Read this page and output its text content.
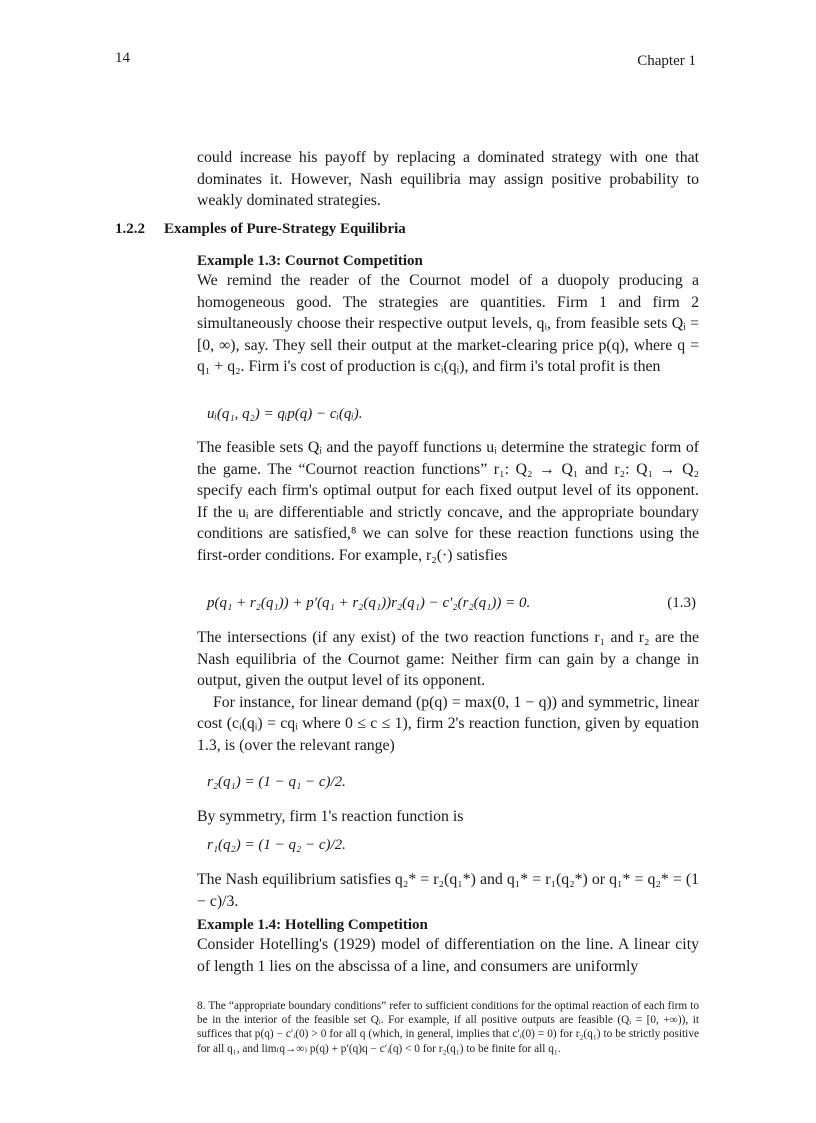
14	Chapter 1

could increase his payoff by replacing a dominated strategy with one that dominates it. However, Nash equilibria may assign positive probability to weakly dominated strategies.

1.2.2 Examples of Pure-Strategy Equilibria

Example 1.3: Cournot Competition

We remind the reader of the Cournot model of a duopoly producing a homogeneous good. The strategies are quantities. Firm 1 and firm 2 simultaneously choose their respective output levels, qᵢ, from feasible sets Qᵢ = [0, ∞), say. They sell their output at the market-clearing price p(q), where q = q₁ + q₂. Firm i's cost of production is cᵢ(qᵢ), and firm i's total profit is then

uᵢ(q₁, q₂) = qᵢp(q) − cᵢ(qᵢ).

The feasible sets Qᵢ and the payoff functions uᵢ determine the strategic form of the game. The “Cournot reaction functions” r₁: Q₂ → Q₁ and r₂: Q₁ → Q₂ specify each firm's optimal output for each fixed output level of its opponent. If the uᵢ are differentiable and strictly concave, and the appropriate boundary conditions are satisfied,⁸ we can solve for these reaction functions using the first-order conditions. For example, r₂(·) satisfies

p(q₁ + r₂(q₁)) + p′(q₁ + r₂(q₁))r₂(q₁) − c′₂(r₂(q₁)) = 0.	(1.3)

The intersections (if any exist) of the two reaction functions r₁ and r₂ are the Nash equilibria of the Cournot game: Neither firm can gain by a change in output, given the output level of its opponent.

For instance, for linear demand (p(q) = max(0, 1 − q)) and symmetric, linear cost (cᵢ(qᵢ) = cqᵢ where 0 ≤ c ≤ 1), firm 2's reaction function, given by equation 1.3, is (over the relevant range)

r₂(q₁) = (1 − q₁ − c)/2.

By symmetry, firm 1's reaction function is

r₁(q₂) = (1 − q₂ − c)/2.

The Nash equilibrium satisfies q₂* = r₂(q₁*) and q₁* = r₁(q₂*) or q₁* = q₂* = (1 − c)/3.

Example 1.4: Hotelling Competition

Consider Hotelling's (1929) model of differentiation on the line. A linear city of length 1 lies on the abscissa of a line, and consumers are uniformly

8. The “appropriate boundary conditions” refer to sufficient conditions for the optimal reaction of each firm to be in the interior of the feasible set Qᵢ. For example, if all positive outputs are feasible (Qᵢ = [0, +∞)), it suffices that p(q) − c′ᵢ(0) > 0 for all q (which, in general, implies that c′ᵢ(0) = 0) for r₂(q₁) to be strictly positive for all q₁, and lim₍q→∞₎ p(q) + p′(q)q − c′ᵢ(q) < 0 for r₂(q₁) to be finite for all q₁.
